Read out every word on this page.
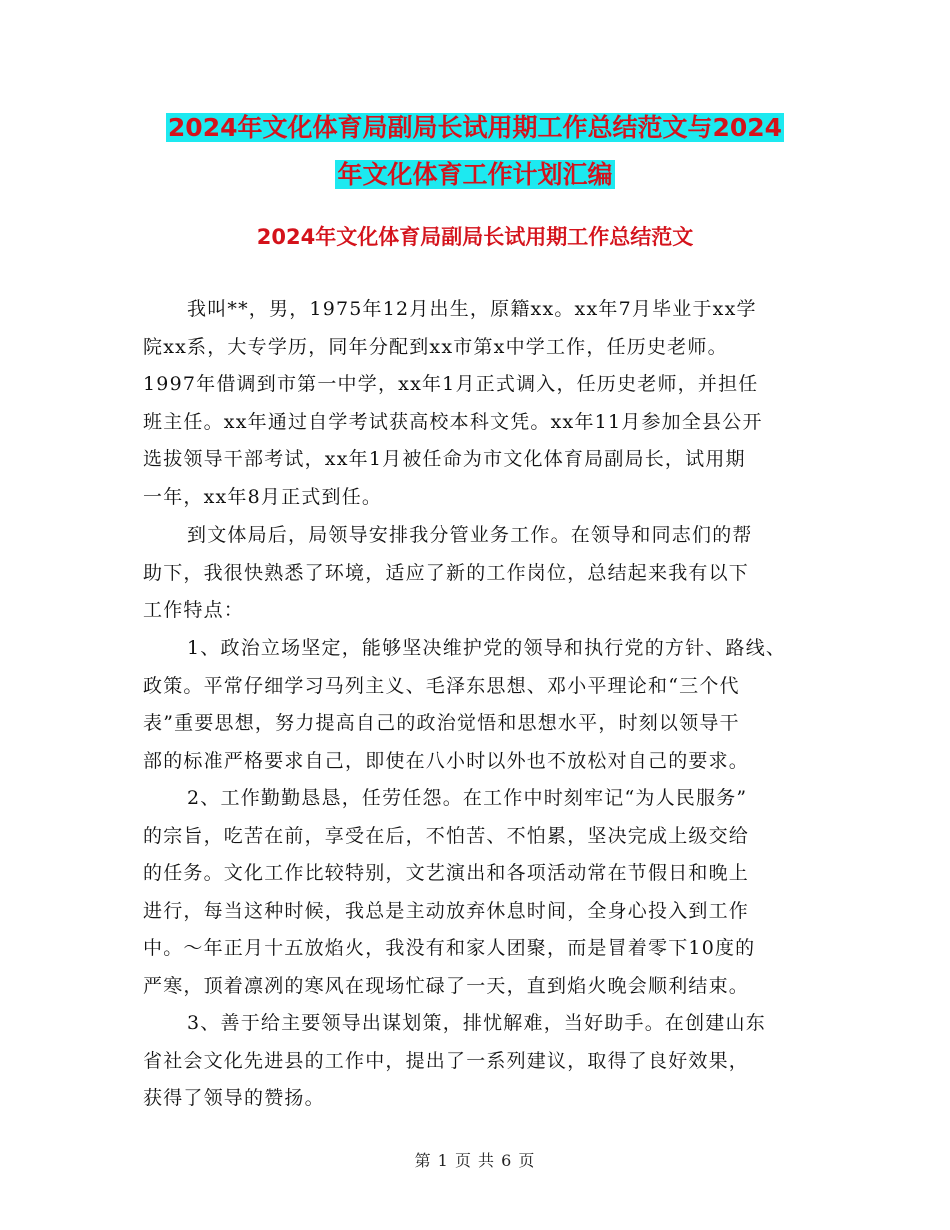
2024年文化体育局副局长试用期工作总结范文与2024
年文化体育工作计划汇编
2024年文化体育局副局长试用期工作总结范文
我叫**，男，1975年12月出生，原籍xx。xx年7月毕业于xx学
院xx系，大专学历，同年分配到xx市第x中学工作，任历史老师。
1997年借调到市第一中学，xx年1月正式调入，任历史老师，并担任
班主任。xx年通过自学考试获高校本科文凭。xx年11月参加全县公开
选拔领导干部考试，xx年1月被任命为市文化体育局副局长，试用期
一年，xx年8月正式到任。
到文体局后，局领导安排我分管业务工作。在领导和同志们的帮
助下，我很快熟悉了环境，适应了新的工作岗位，总结起来我有以下
工作特点：
1、政治立场坚定，能够坚决维护党的领导和执行党的方针、路线、
政策。平常仔细学习马列主义、毛泽东思想、邓小平理论和“三个代
表”重要思想，努力提高自己的政治觉悟和思想水平，时刻以领导干
部的标准严格要求自己，即使在八小时以外也不放松对自己的要求。
2、工作勤勤恳恳，任劳任怨。在工作中时刻牢记“为人民服务”
的宗旨，吃苦在前，享受在后，不怕苦、不怕累，坚决完成上级交给
的任务。文化工作比较特别，文艺演出和各项活动常在节假日和晚上
进行，每当这种时候，我总是主动放弃休息时间，全身心投入到工作
中。～年正月十五放焰火，我没有和家人团聚，而是冒着零下10度的
严寒，顶着凛冽的寒风在现场忙碌了一天，直到焰火晚会顺利结束。
3、善于给主要领导出谋划策，排忧解难，当好助手。在创建山东
省社会文化先进县的工作中，提出了一系列建议，取得了良好效果，
获得了领导的赞扬。
第 1 页 共 6 页
